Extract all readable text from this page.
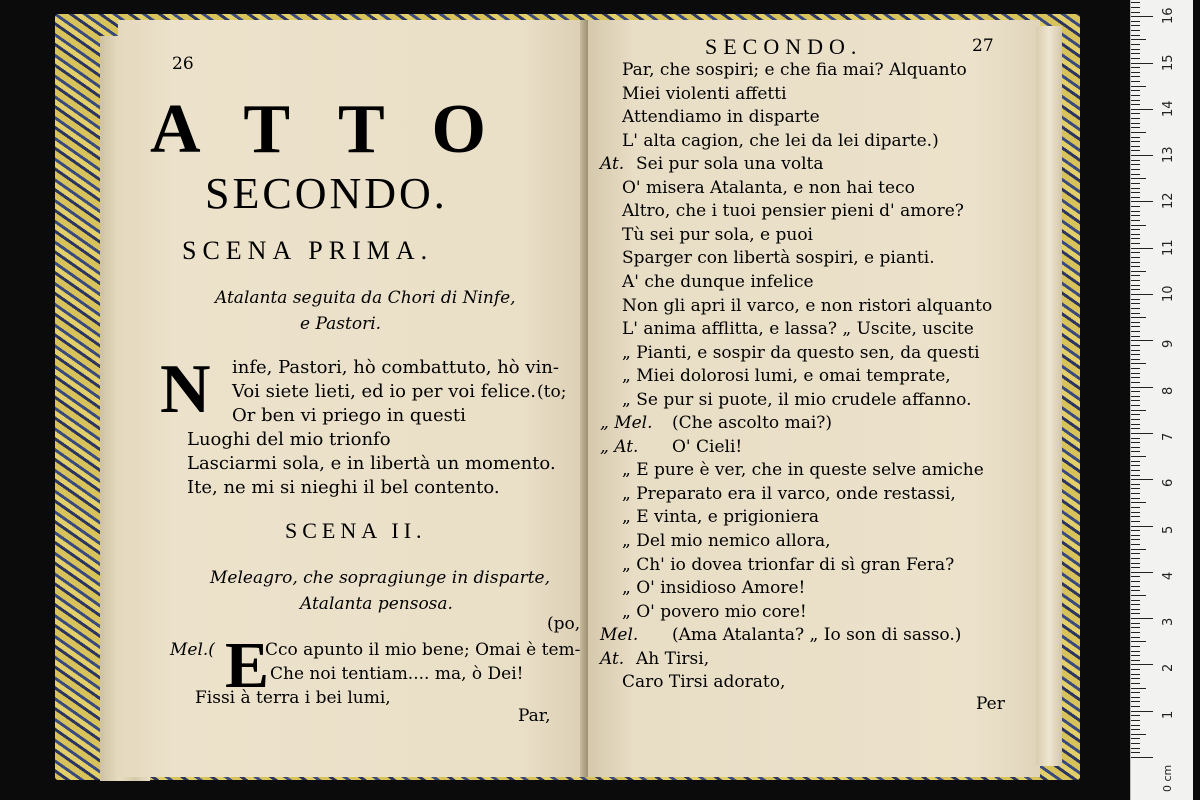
26
ATTO
SECONDO.
SCENA PRIMA.
Atalanta seguita da Chori di Ninfe,
e Pastori.
N infe, Pastori, hò combattuto, hò vin-
Voi siete lieti, ed io per voi felice. (to;
Or ben vi priego in questi
Luoghi del mio trionfo
Lasciarmi sola, e in libertà un momento.
Ite, ne mi si nieghi il bel contento.
SCENA II.
Meleagro, che sopragiunge in disparte,
Atalanta pensosa.
(po,
Mel.( E
Cco apunto il mio bene; Omai è tem-
Che noi tentiam.... ma, ò Dei!
Fissi à terra i bei lumi,
Par,
SECONDO.	27
Par, che sospiri; e che fia mai? Alquanto
Miei violenti affetti
Attendiamo in disparte
L' alta cagion, che lei da lei diparte.)
At. Sei pur sola una volta
O' misera Atalanta, e non hai teco
Altro, che i tuoi pensier pieni d' amore?
Tù sei pur sola, e puoi
Sparger con libertà sospiri, e pianti.
A' che dunque infelice
Non gli apri il varco, e non ristori alquanto
L' anima afflitta, e lassa? „ Uscite, uscite
„ Pianti, e sospir da questo sen, da questi
„ Miei dolorosi lumi, e omai temprate,
„ Se pur si puote, il mio crudele affanno.
„ Mel. (Che ascolto mai?)
„ At. O' Cieli!
„ E pure è ver, che in queste selve amiche
„ Preparato era il varco, onde restassi,
„ E vinta, e prigioniera
„ Del mio nemico allora,
„ Ch' io dovea trionfar di sì gran Fera?
„ O' insidioso Amore!
„ O' povero mio core!
Mel. (Ama Atalanta? „ Io son di sasso.)
At. Ah Tirsi,
Caro Tirsi adorato,
Per
1
2
3
4
5
6
7
8
9
10
11
12
13
14
15
16
0 cm
